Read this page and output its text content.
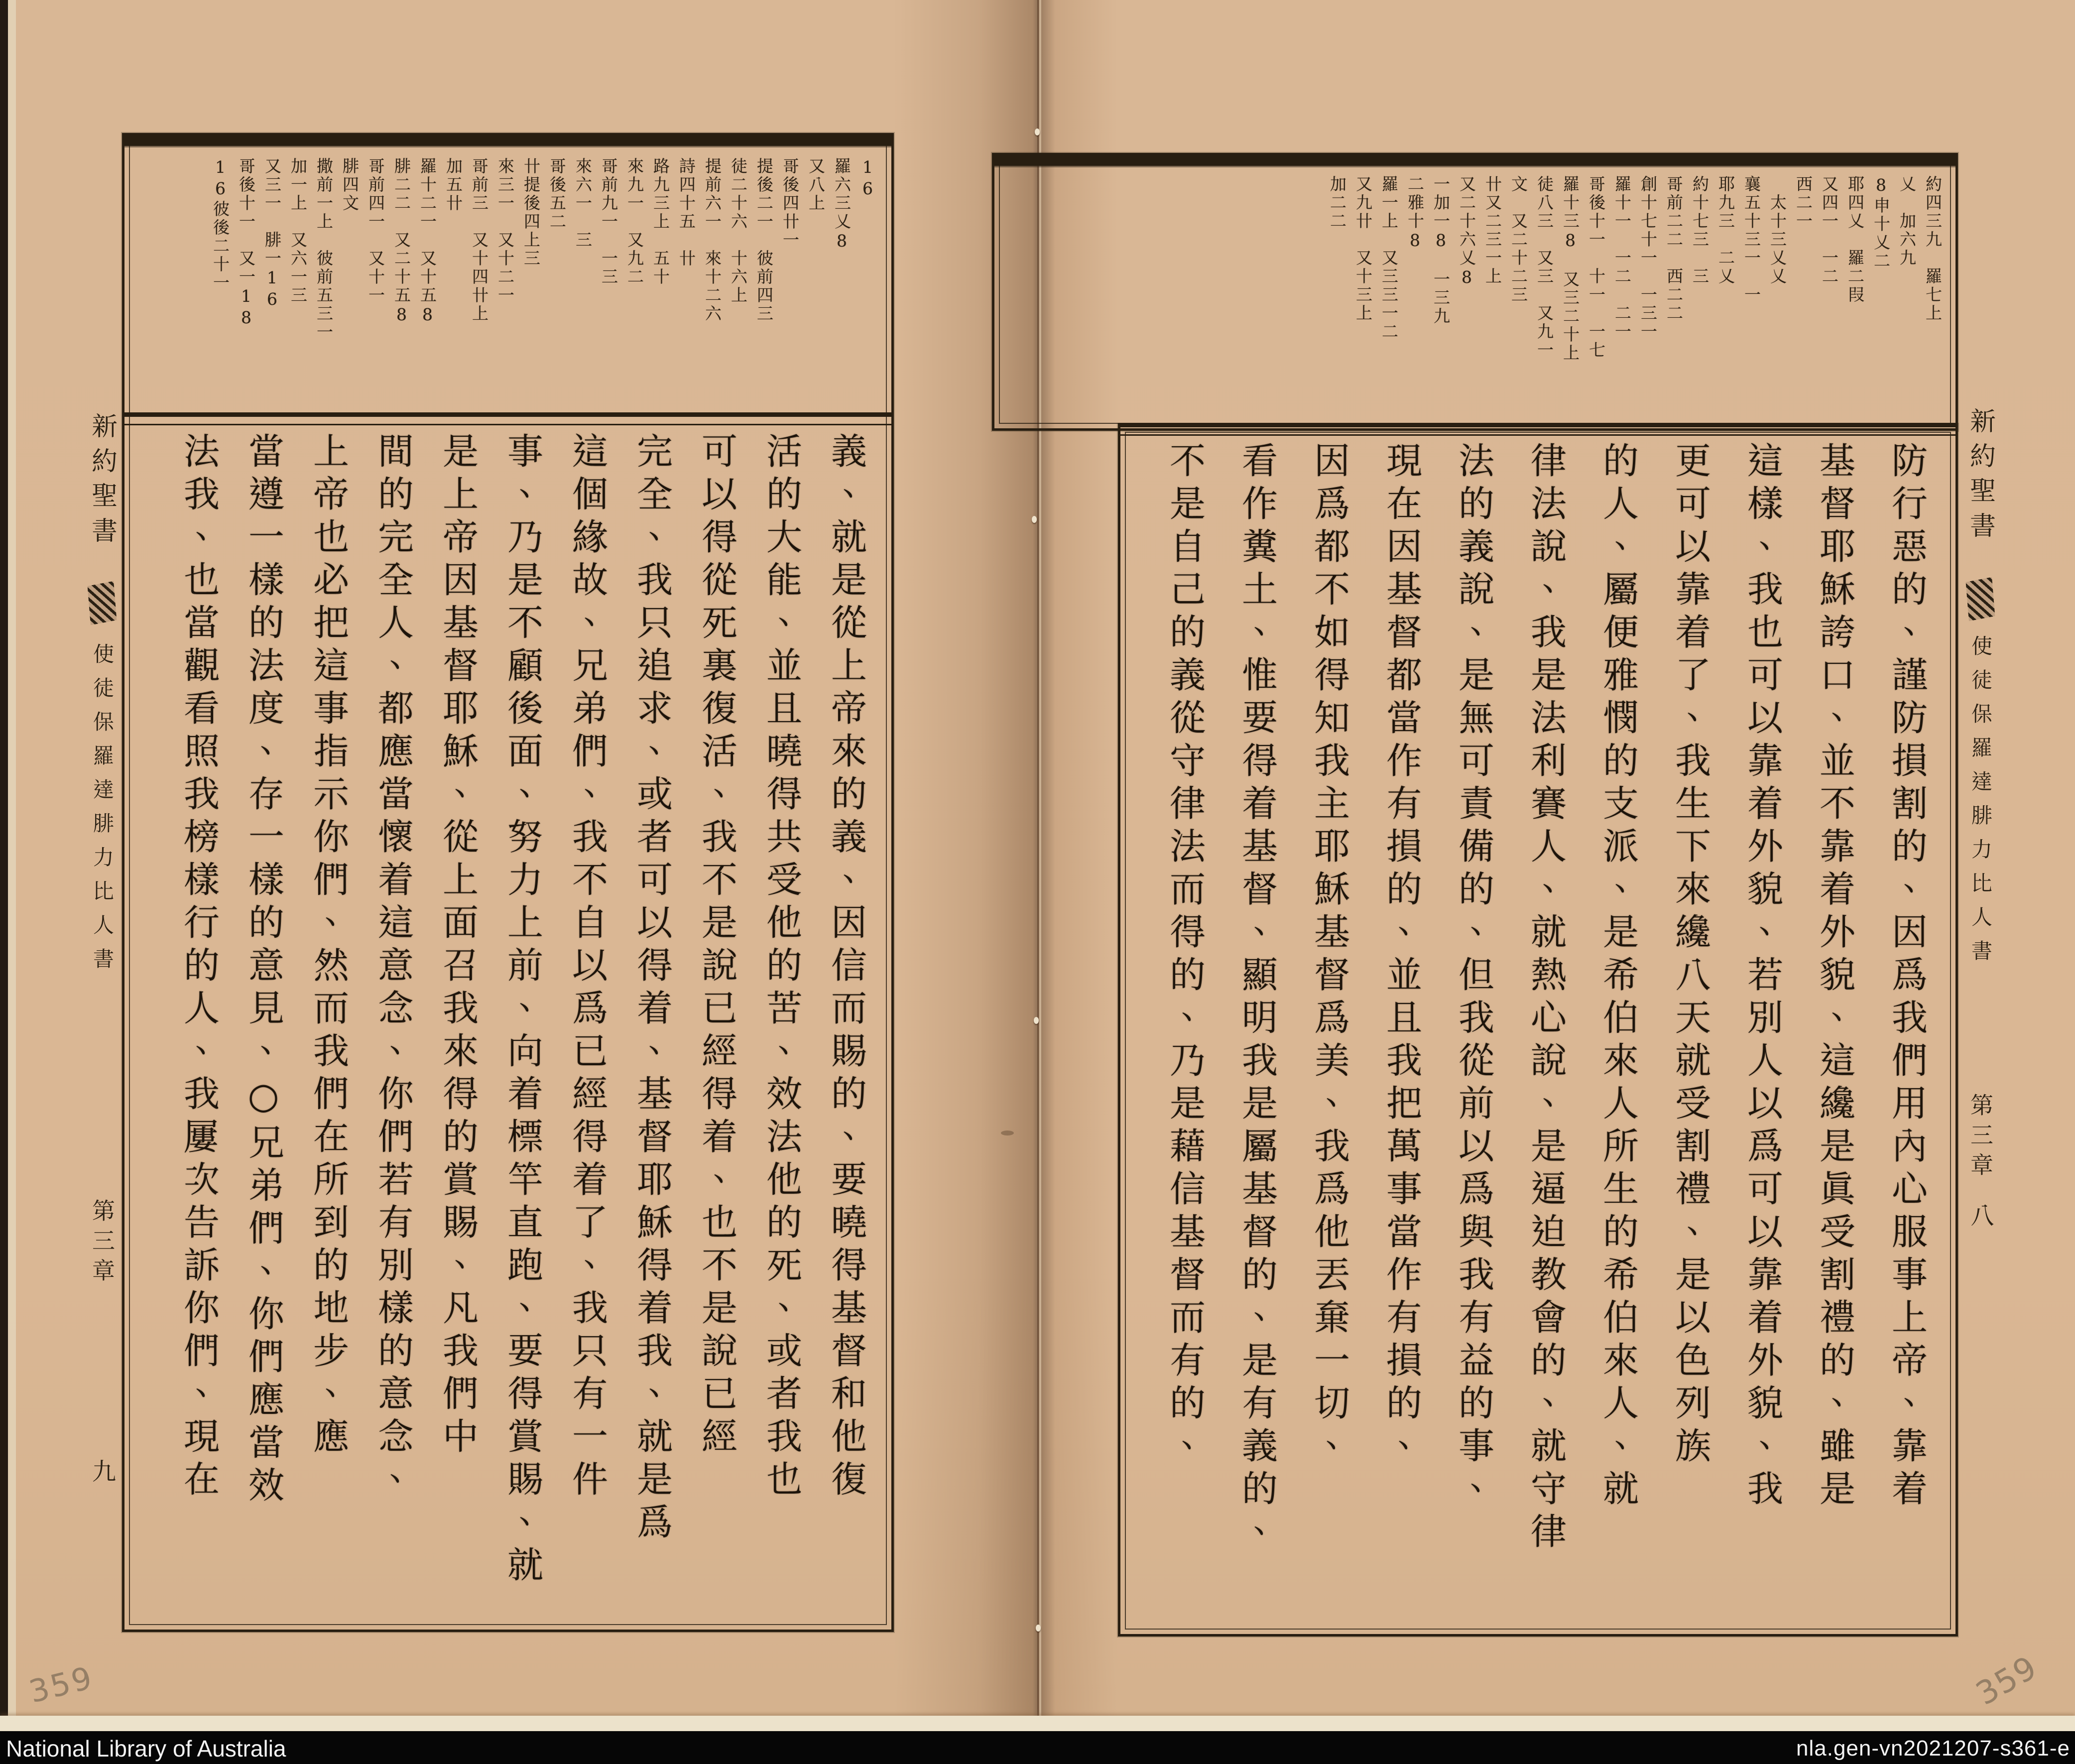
新約聖書
使徒保羅達腓力比人書
第三章
九
16
羅六三乂8
又八上
哥後四卄一
提後二一　彼前四三
徒二十六　十六上
提前六一　來十二六
詩四十五　卄
路九三上　五十
來九一　又九二
哥前九一　一三
來六一　三
哥後五二
卄提後四上三
來三一　又十二一
哥前三　又十四卄上
加五卄
羅十二一　又十五8
腓二二　又二十五8
哥前四一　又十一
腓四文
撒前一上　彼前五三一
加一上　又六一三
又三一　腓一16
哥後十一　又一18
16彼後二十一
義、就是從上帝來的義、因信而賜的、要曉得基督和他復
活的大能、並且曉得共受他的苦、效法他的死、或者我也
可以得從死裏復活、我不是說已經得着、也不是說已經
完全、我只追求、或者可以得着、基督耶穌得着我、就是爲
這個緣故、兄弟們、我不自以爲已經得着了、我只有一件
事、乃是不顧後面、努力上前、向着標竿直跑、要得賞賜、就
是上帝因基督耶穌、從上面召我來得的賞賜、凡我們中
間的完全人、都應當懷着這意念、你們若有別樣的意念、
上帝也必把這事指示你們、然而我們在所到的地步、應
當遵一樣的法度、存一樣的意見、○兄弟們、你們應當效
法我、也當觀看照我榜樣行的人、我屢次告訴你們、現在
約四三九　羅七上
乂　加六九
8申十乂二
耶四乂　羅二叚
又四一　一二
西二一
　太十三乂乂
襄五十三一　一
耶九三　二乂
約十七三　三
哥前二二　西二二
創十七十一　一三一
羅十一　一二　二一
哥後十一　十一　一七
羅十三8　又三二十上
徒八三　又三　又九一
文　又二十二三
卄又二三一上
又二十六乂8
一加一8　一三九
二雅十8
羅一上　又三三一二
又九卄　又十三上
加二二
防行惡的、謹防損割的、因爲我們用內心服事上帝、靠着
基督耶穌誇口、並不靠着外貌、這纔是眞受割禮的、雖是
這樣、我也可以靠着外貌、若別人以爲可以靠着外貌、我
更可以靠着了、我生下來纔八天就受割禮、是以色列族
的人、屬便雅憫的支派、是希伯來人所生的希伯來人、就
律法說、我是法利賽人、就熱心說、是逼迫教會的、就守律
法的義說、是無可責備的、但我從前以爲與我有益的事、
現在因基督都當作有損的、並且我把萬事當作有損的、
因爲都不如得知我主耶穌基督爲美、我爲他丟棄一切、
看作糞土、惟要得着基督、顯明我是屬基督的、是有義的、
不是自己的義從守律法而得的、乃是藉信基督而有的、	新約聖書
使徒保羅達腓力比人書
第三章
八
359	359
National Library of Australia	nla.gen-vn2021207-s361-e
